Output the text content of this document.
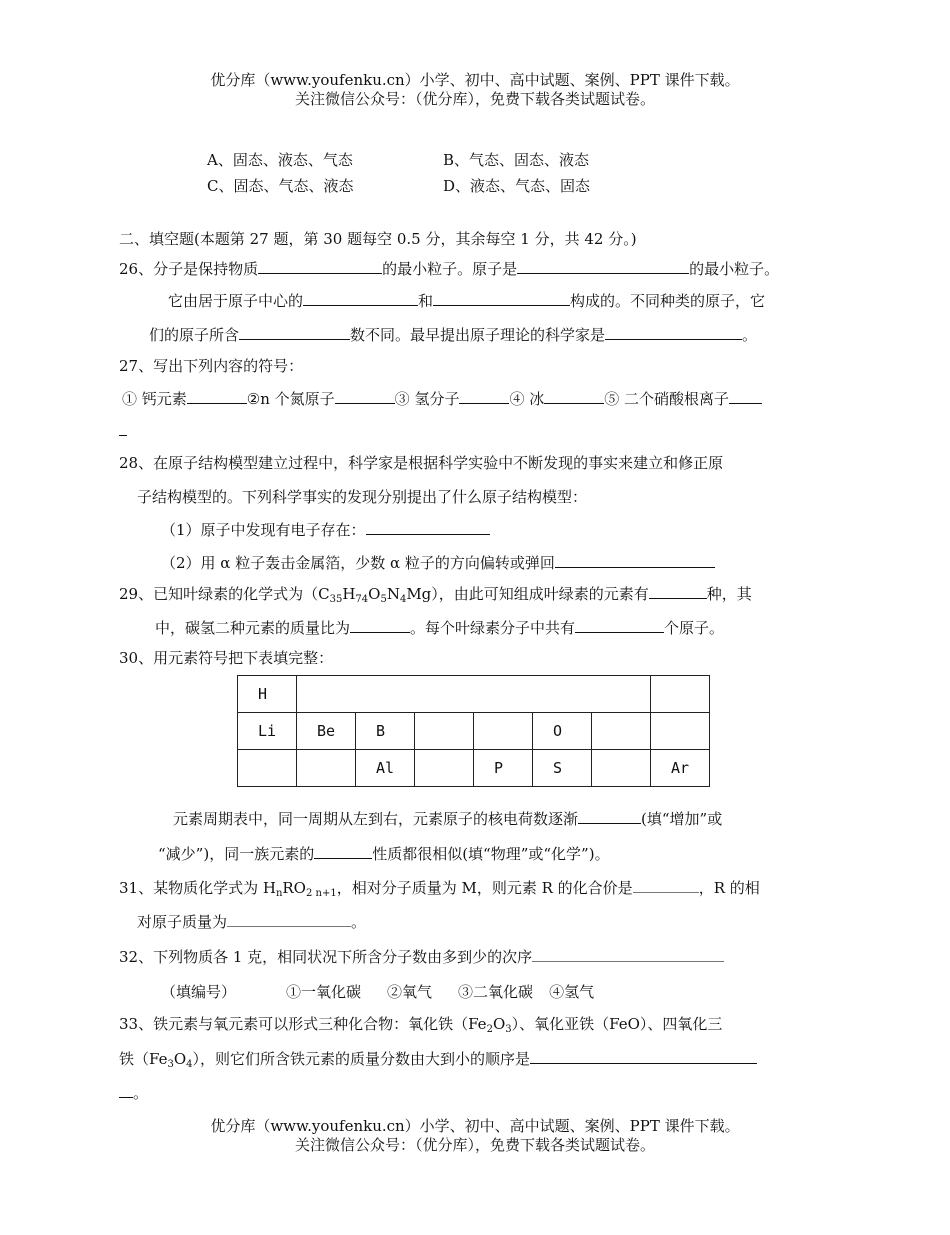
优分库（www.youfenku.cn）小学、初中、高中试题、案例、PPT 课件下载。
关注微信公众号：（优分库），免费下载各类试题试卷。
A、固态、液态、气态	B、气态、固态、液态
C、固态、气态、液态	D、液态、气态、固态
二、填空题(本题第 27 题，第 30 题每空 0.5 分，其余每空 1 分，共 42 分。)
26、分子是保持物质	的最小粒子。原子是	的最小粒子。
它由居于原子中心的	和	构成的。不同种类的原子，它
们的原子所含	数不同。最早提出原子理论的科学家是	。
27、写出下列内容的符号：
① 钙元素	②n 个氮原子	③ 氢分子	④ 冰	⑤ 二个硝酸根离子
28、在原子结构模型建立过程中，科学家是根据科学实验中不断发现的事实来建立和修正原
子结构模型的。下列科学事实的发现分别提出了什么原子结构模型：
（1）原子中发现有电子存在：
（2）用 α 粒子轰击金属箔，少数 α 粒子的方向偏转或弹回
29、已知叶绿素的化学式为$(C_{35}H_{74}O_5N_4Mg)$，由此可知组成叶绿素的元素有	种，其
中，碳氢二种元素的质量比为	。每个叶绿素分子中共有	个原子。
30、用元素符号把下表填完整：
H							
Li	Be	B			O		
		Al		P	S		Ar
元素周期表中，同一周期从左到右，元素原子的核电荷数逐渐	(填“增加”或
“减少”)，同一族元素的	性质都很相似(填“物理”或“化学”)。
31、某物质化学式为 $H_nRO_{2 n+1}$，相对分子质量为 M，则元素 R 的化合价是	，R 的相
对原子质量为	。
32、下列物质各 1 克，相同状况下所含分子数由多到少的次序
（填编号）	①一氧化碳 ②氧气 ③二氧化碳 ④氢气
33、铁元素与氧元素可以形式三种化合物：氧化铁$(Fe_2O_3)$、氧化亚铁（FeO）、四氧化三
铁$(Fe_3O_4)$，则它们所含铁元素的质量分数由大到小的顺序是
。
优分库（www.youfenku.cn）小学、初中、高中试题、案例、PPT 课件下载。
关注微信公众号：（优分库），免费下载各类试题试卷。
